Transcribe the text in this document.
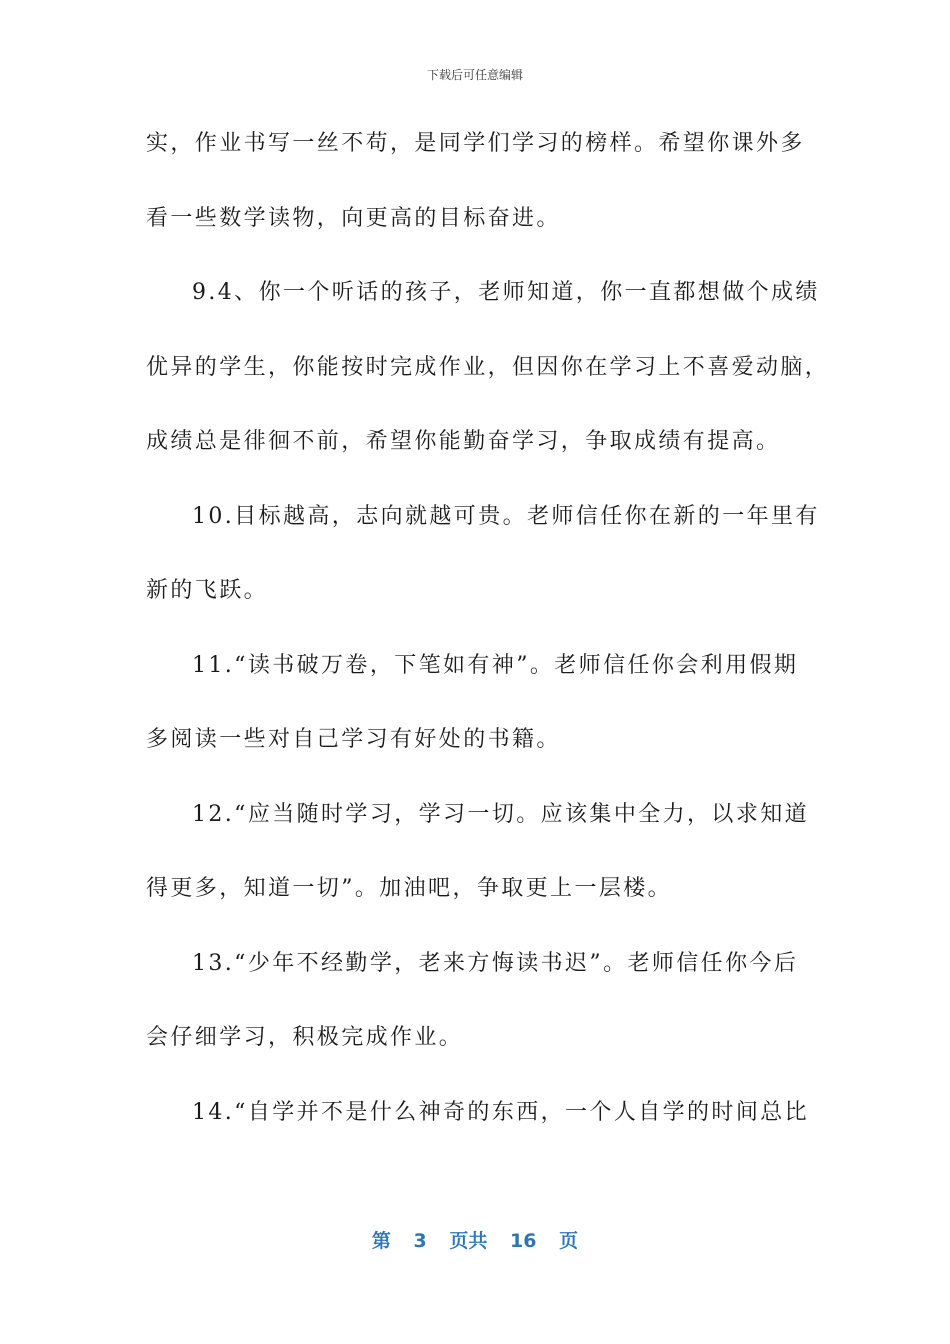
下载后可任意编辑
实，作业书写一丝不苟，是同学们学习的榜样。希望你课外多
看一些数学读物，向更高的目标奋进。
9.4、你一个听话的孩子，老师知道，你一直都想做个成绩
优异的学生，你能按时完成作业，但因你在学习上不喜爱动脑，
成绩总是徘徊不前，希望你能勤奋学习，争取成绩有提高。
10.目标越高，志向就越可贵。老师信任你在新的一年里有
新的飞跃。
11.“读书破万卷，下笔如有神”。老师信任你会利用假期
多阅读一些对自己学习有好处的书籍。
12.“应当随时学习，学习一切。应该集中全力，以求知道
得更多，知道一切”。加油吧，争取更上一层楼。
13.“少年不经勤学，老来方悔读书迟”。老师信任你今后
会仔细学习，积极完成作业。
14.“自学并不是什么神奇的东西，一个人自学的时间总比
第 3 页共 16 页
